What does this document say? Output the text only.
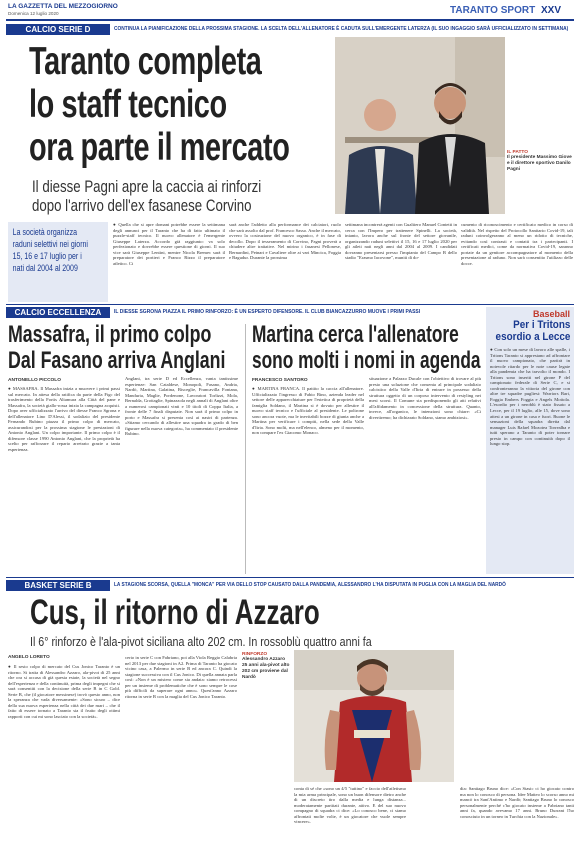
LA GAZZETTA DEL MEZZOGIORNO
Domenica 12 luglio 2020	TARANTO SPORT XXV
CALCIO SERIE D	CONTINUA LA PIANIFICAZIONE DELLA PROSSIMA STAGIONE. LA SCELTA DELL'ALLENATORE È CADUTA SULL'EMERGENTE LATERZA (IL SUO INGAGGIO SARÀ UFFICIALIZZATO IN SETTIMANA)
Taranto completa
lo staff tecnico
ora parte il mercato
Il diesse Pagni apre la caccia ai rinforzi
dopo l'arrivo dell'ex fasanese Corvino
IL PATTO
Il presidente Massimo Giove e il direttore sportivo Danilo Pagni
La società organizza
raduni selettivi nei giorni
15, 16 e 17 luglio per i
nati dal 2004 al 2009
● Quella che si apre domani potrebbe essere la settimana degli annunci per il Taranto che ha di fatto ultimato il puzzle-staff tecnico. Il nuovo allenatore è l'emergente Giuseppe Laterza. Accordo già raggiunto: va solo perfezionato e dovrebbe essere questione di giorni. Il suo vice sarà Giuseppe Lentini, mentre Nicola Bremec sarà il preparatore dei portieri e Franco Rizzo il preparatore atletico. Ci
sarà anche l'addetto alla performance dei calciatori, ruolo che sarà assolto dal prof. Francesco Sasso. Anche il mercato, ovvero la costruzione del nuovo organico, è in fase di decollo. Dopo il tesseramento di Corvino, Pagni proverà a chiudere altre trattative. Nel mirino i fasanesi Pellonese, Bernardini, Peinari e Cavaliere oltre ai vari Mincica, Foggia e Bagudur. Durante la prossima
settimana incontrerà agenti con Gualtiero Manuel Contetti in cerca con l'Impero per trattenere Spinelli. La società, intanto, lavora anche sul fronte del settore giovanile, organizzando raduni selettivi il 15, 16 e 17 luglio 2020 per gli atleti nati negli anni dal 2004 al 2009. I candidati dovranno presentarsi presso l'impianto del Campo B dello stadio "Erasmo Iacovone", muniti di do-
cumento di riconoscimento e certificato medico in corso di validità. Nel rispetto del Protocollo Sanitario Covid-19, tali raduni coinvolgeranno al meno un ridotto di tecniche, evitando così contrasti e contatti tra i partecipanti. I certificati medici, come da normativa Covid-19, saranno portate da un genitore accompagnatore al momento della presentazione al raduno. Non sarà consentito l'utilizzo delle docce.
CALCIO ECCELLENZA	IL DIESSE SGRONA PIAZZA IL PRIMO RINFORZO: È UN ESPERTO DIFENSORE. IL CLUB BIANCAZZURRO MUOVE I PRIMI PASSI
Massafra, il primo colpo
Dal Fasano arriva Anglani
Martina cerca l'allenatore
sono molti i nomi in agenda
ANTONELLO PICCOLO	FRANCESCO SANTORO
● MASSAFRA. Il Massafra inizia a muovere i primi passi sul mercato. In attesa della ratifica da parte della Figc del trasferimento della Fortis Altamura alla Città del pane e Massafra, la società giallo-rossa inizia la campagna acquisti. Dopo aver ufficializzato l'arrivo del diesse Franco Sgrona e dell'allenatore Lino D'Alessi, il sodalizio del presidente Fernando Rubino piazza il primo colpo di mercato, assicurandosi per la prossima stagione le prestazioni di Antonio Anglani. Un colpo importante. Il primo colpo è il difensore classe 1990 Antonio Anglani, che la proprietà ha scelto per rafforzare il reparto arretrato grazie a tanta esperienza.
Anglani, tra serie D ed Eccellenza, vanta tantissime esperienze: San Cataldese, Monopoli, Fasano, Andria, Nardò, Martina, Galatina, Bisceglie, Francavilla Fontana, Manduria, Maglie, Pordenone, Lavoratori Torlizzi, Mola, Bernalda, Grottaglie, Spinazzola negli annali di Anglani oltre a numerosi campionati vinti e 10 titoli di Coppa Italia, a fronte delle 7 finali disputate. Non sarà il primo colpo in porto e Massafra si presenta così ai nastri di partenza. «Stiamo cercando di allestire una squadra in grado di ben figurare nella nuova categoria», ha commentato il presidente Rubino.
● MARTINA FRANCA. Il pattito la caccia all'allenatore. Ufficializzato l'ingresso di Fabio Bino, azienda leader nel settore delle apparecchiature per l'estetica di proprietà della famiglia Soldano, il Martina si è dovuto per allestire il nuovo staff tecnico e l'ufficiale al presidente. Le poltrone sono ancora vuote, ma le inevitabili bozze di giunta anche a Martina per verificare i compiti, nella sede della Valle d'Itria. Sono molti, ma nell'elenco, almeno per il momento, non compare l'ex Giacomo Monaco.
situazione a Palazzo Ducale con l'obiettivo di trovare al più presto una soluzione che consenta al principale sodalizio calcistico della Valle d'Itria di entrare in possesso della struttura oggetto di un corposo intervento di restyling nei mesi scorsi. Il Comune sta predisponendo gli atti relativi all'affidamento in concessione della struttura. Quanto, invece, all'organico, le intenzioni sono chiare: «Ci divertiremo; ha dichiarato Soldano, siamo ambiziosi».
Baseball
Per i Tritons
esordio a Lecce
● Con solo un mese di lavoro alle spalle, i Tritons Taranto si apprestano ad affrontare il nuovo campionato, che partirà in notevole ritardo per le note cause legate alla pandemia che ha travolto il mondo. I Tritons sono inseriti nel girone P del campionato federale di Serie C, e si confronteranno la vittoria del girone con altre tre squadre pugliesi: Warriors Bari, Foggia Embers Foggia e Angels Mottola. L'esordio per i neroblù è stato fissato a Lecce, per il 19 luglio, alle 15, dove sono attesi a un girone in casa e fuori. Buone le sensazioni della squadra diretta dal manager Luis Rafael Mozotea Torrealba e tutti sperano a Taranto di poter tornare presto in campo con continuità dopo il lungo stop.
BASKET SERIE B	LA STAGIONE SCORSA, QUELLA "MONCA" PER VIA DELLO STOP CAUSATO DALLA PANDEMIA, ALESSANDRO L'HA DISPUTATA IN PUGLIA CON LA MAGLIA DEL NARDÒ
Cus, il ritorno di Azzaro
Il 6° rinforzo è l'ala-pivot siciliana alto 202 cm. In rossoblù quattro anni fa
ANGELO LORETO
● Il sesto colpo di mercato del Cus Jonico Taranto è un ritorno. Si tratta di Alessandro Azzaro, ala-pivot di 25 anni che ora si accasa di già questa estate, la società nel segno dell'esperienza e della continuità, prima degli impegni che si sarà consentiti con la decisione della serie B in C Gold. Serie B, che (il giocatore messinese) trovò questo anno, non la speranza che vada diversamente: «Sono sicuro – dice della sua nuova esperienza nella città dei due mari – che il fatto di essere tornato a Taranto sia il frutto degli ottimi rapporti con cui mi sono lasciato con la società».
certo in serie C con Fabriano, poi alla Viola Reggio Calabria nel 2013 per due stagioni in A2. Prima di Taranto ha giocato vicino casa, a Palermo in serie B ed ancora C. Quindi la stagione successiva con il Cus Jonico. Di quella annata parla così: «Non è un mistero come sia andata: siamo retrocessi per un insieme di problematiche che è sono sempre le cose più difficili da superare ogni anno». Quest'anno Azzaro ritorna in serie B con la maglia del Cus Jonico Taranto.
RINFORZO
Alessandro Azzaro 25 anni ala-pivot alto 202 cm proviene dal Nardò
conta di sé che «sono un 4/5 "tuttino" e faccio dell'atletismo la mia arma principale, sono un buon difensore dietro anche di un discreto tiro dalla media e lunga distanza... moderatamente partitati durante, attivo. E del suo nuovo compagno di squadra ci dice: «Lo conosco bene, ci siamo affrontati molte volte, è un giocatore che vuole sempre vincere».
dia: Santiago Bruno dice: «Con Stasic ci ho giocato contro ma non lo conosco di persona. Idee Matteo lo scorso anno mi mancò tra Sant'Antimo e Nardò; Santiago Bruno lo conosco personalmente perché c'ho giocato insieme a Fabriano tanti anni fa, quando avevamo 17 anni. Bruno Durrant l'ho conosciuto in un torneo in Turchia con la Nazionale».
